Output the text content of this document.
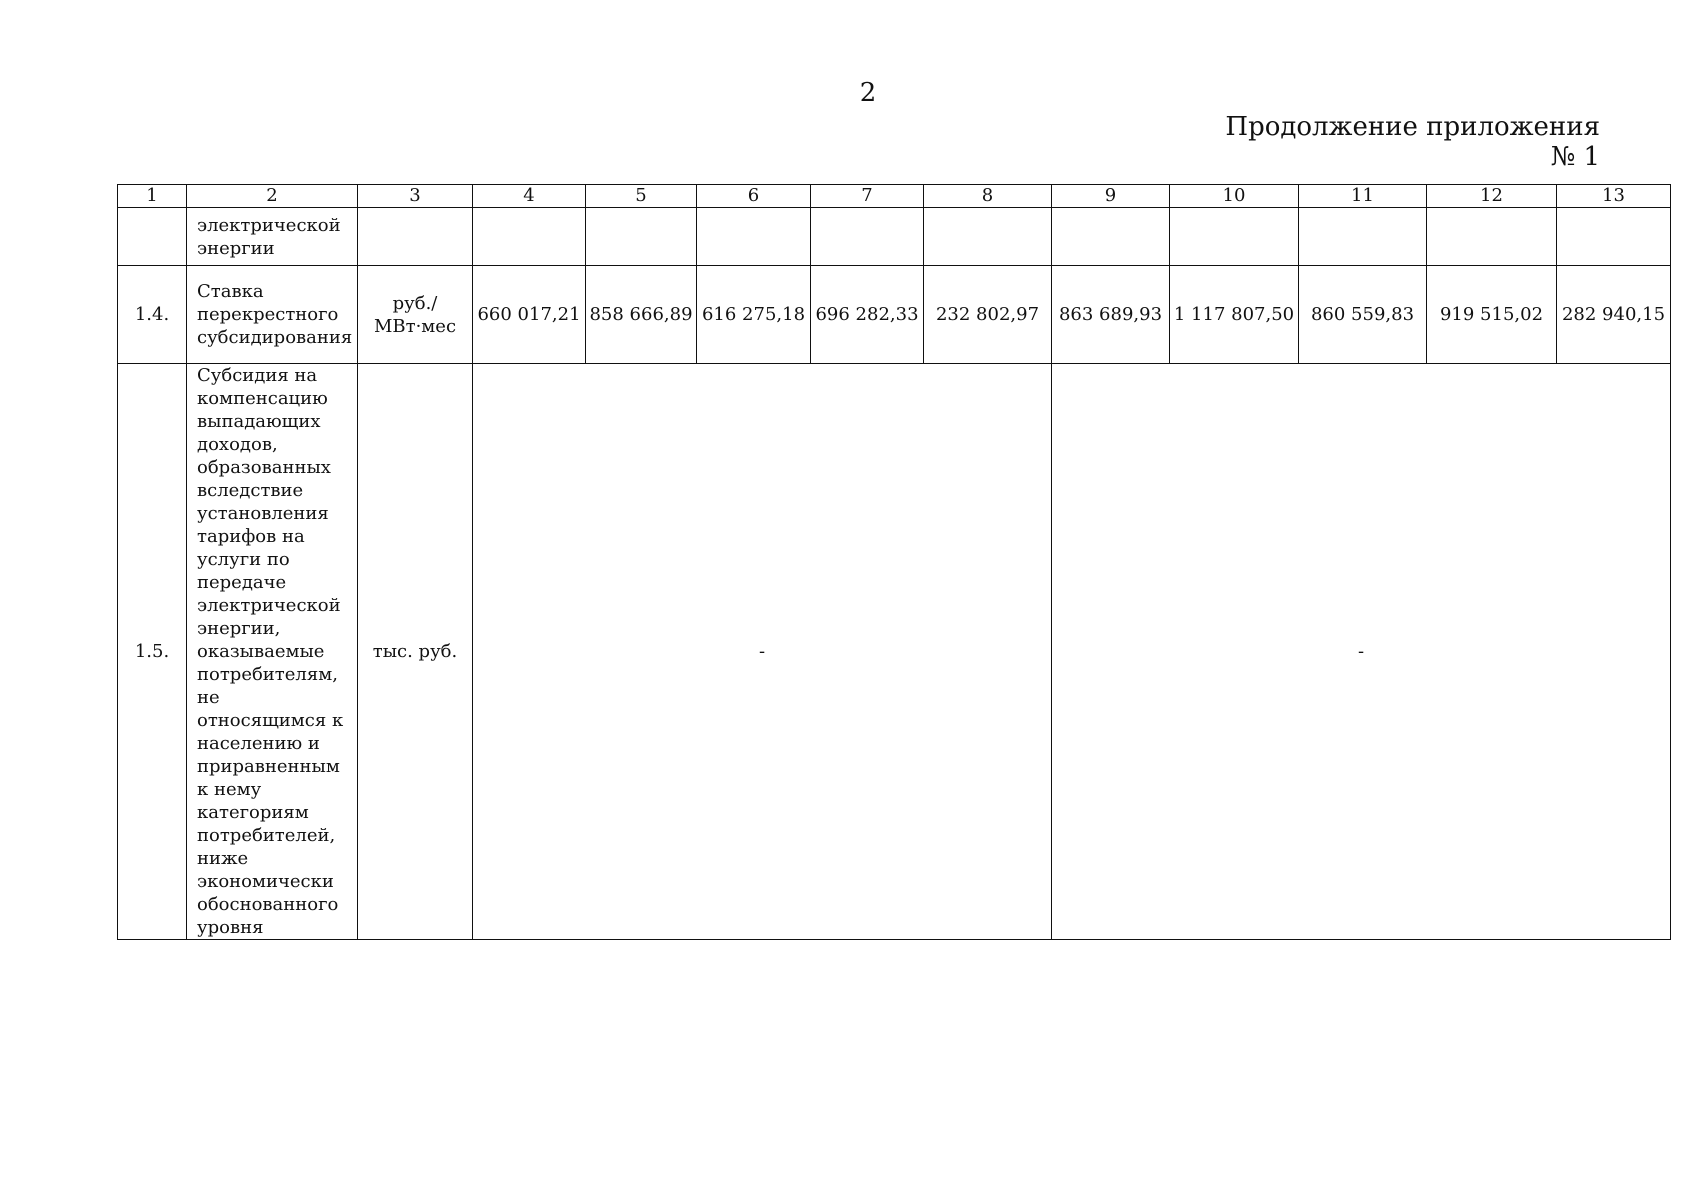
2
Продолжение приложения № 1
1	2	3	4	5	6	7	8	9	10	11	12	13
	электрической энергии											
1.4.	Ставка перекрестного субсидирования	руб./МВт·мес	660 017,21	858 666,89	616 275,18	696 282,33	232 802,97	863 689,93	1 117 807,50	860 559,83	919 515,02	282 940,15
1.5.	Субсидия на компенсацию выпадающих доходов, образованных вследствие установления тарифов на услуги по передаче электрической энергии, оказываемые потребителям, не относящимся к населению и приравненным к нему категориям потребителей, ниже экономически обоснованного уровня	тыс. руб.	-					-				
